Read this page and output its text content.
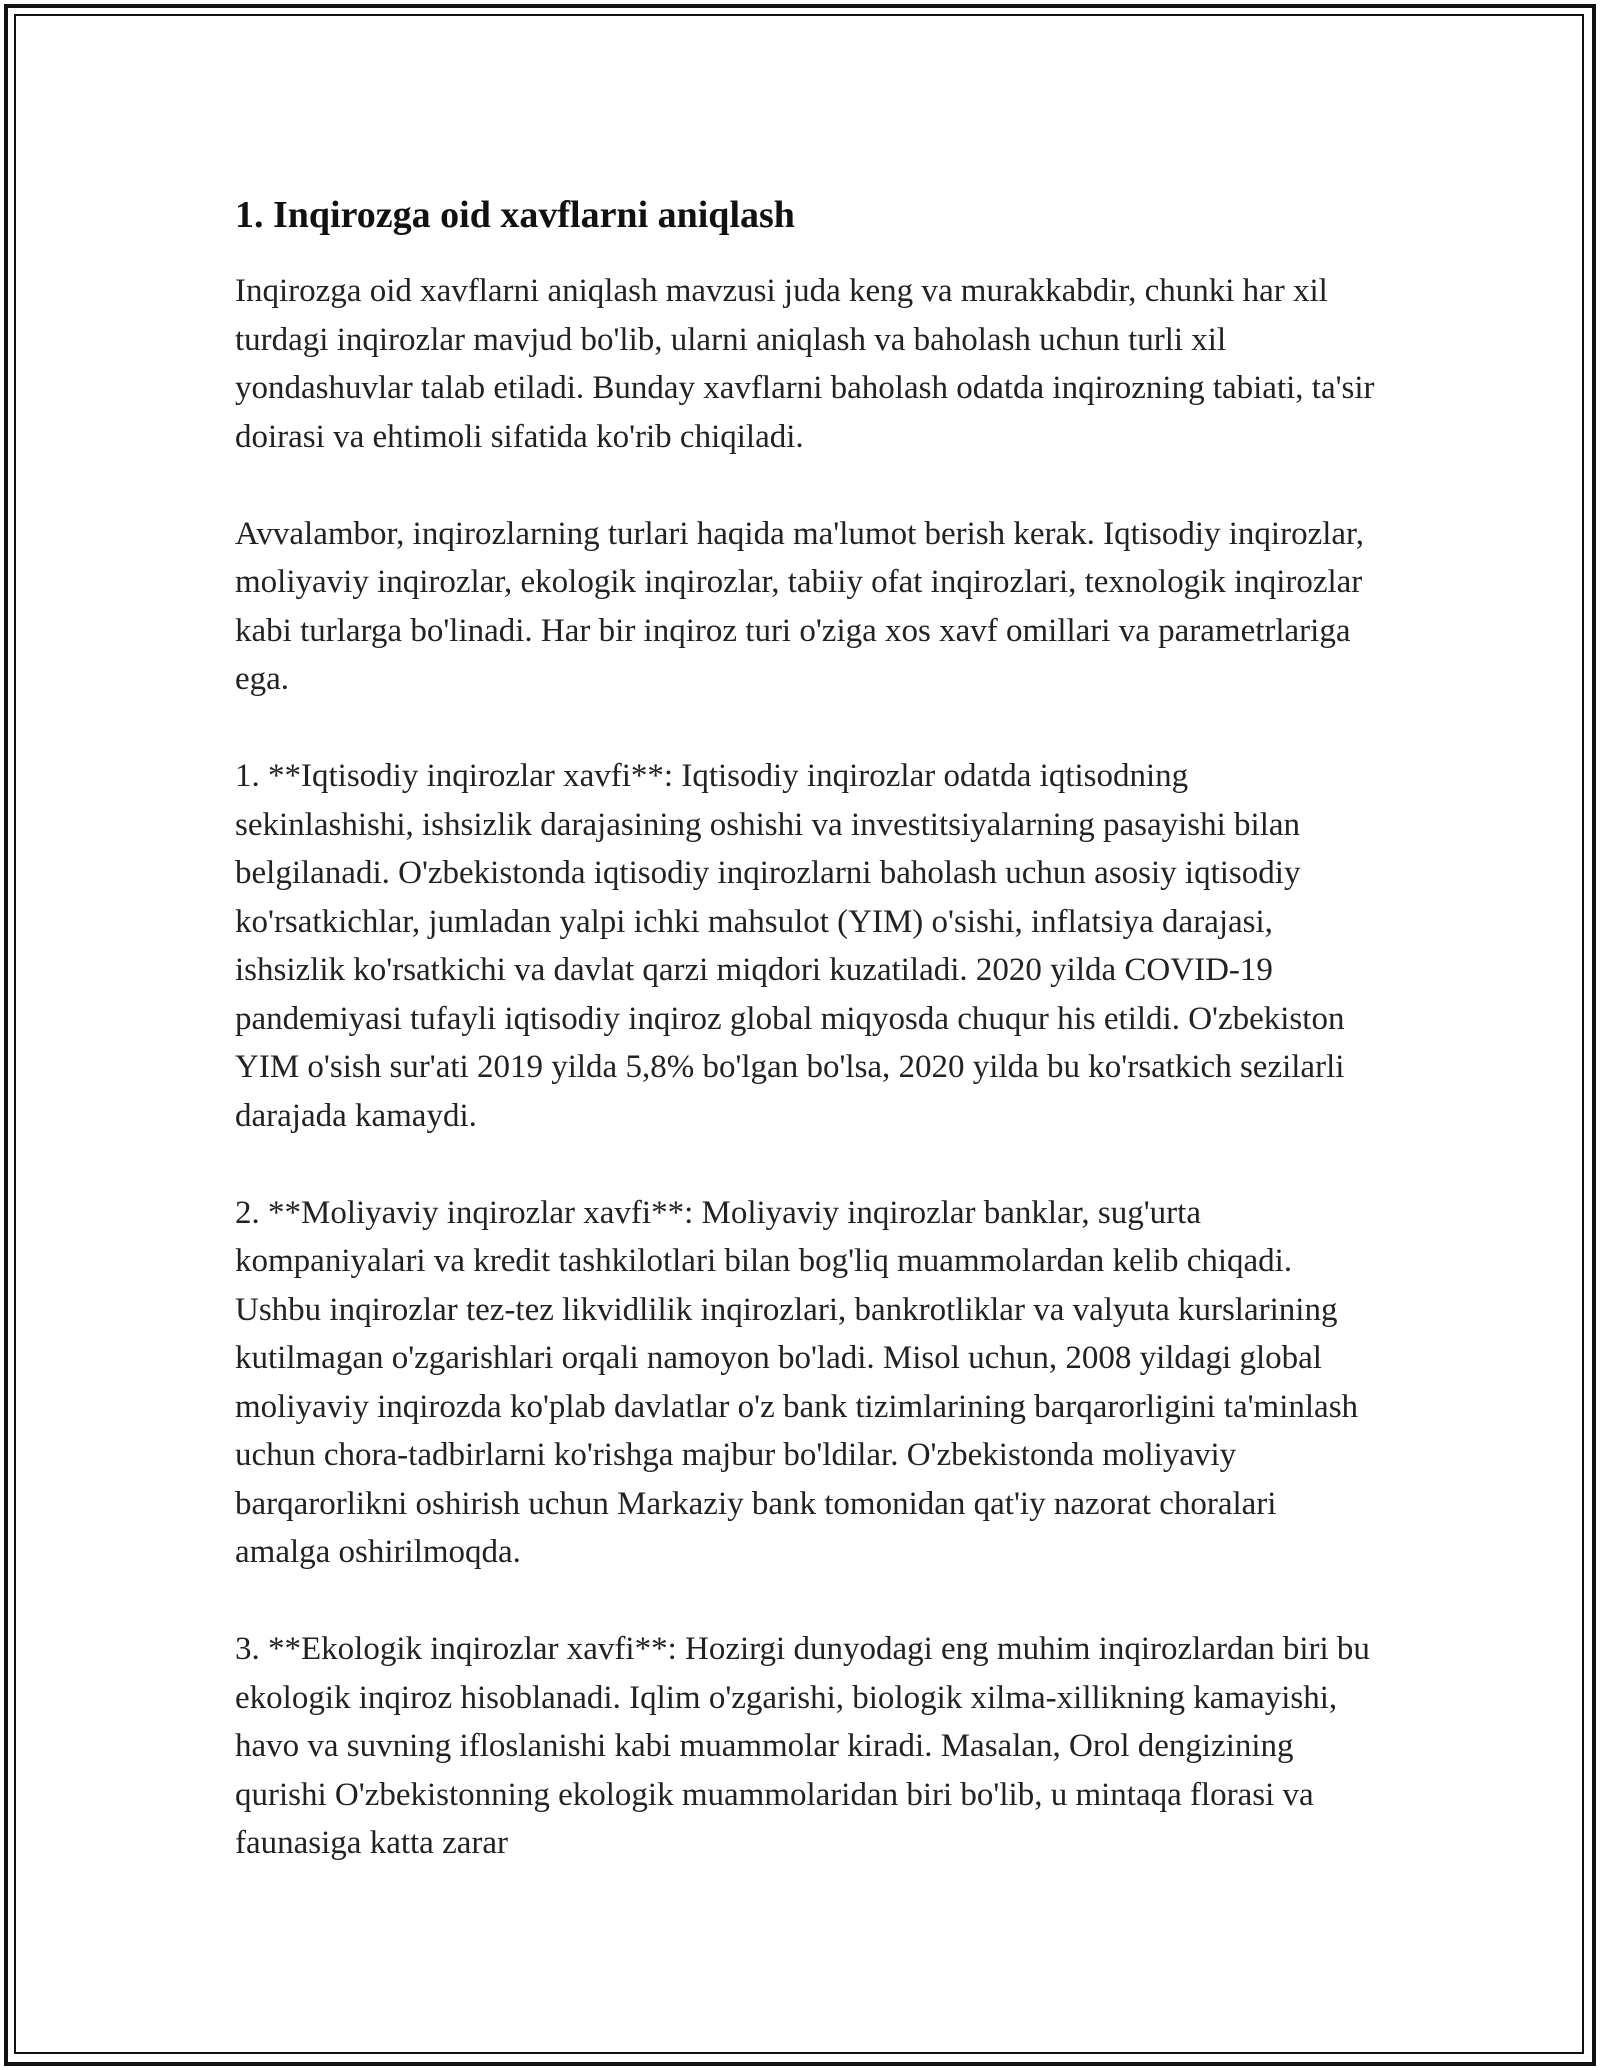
1. Inqirozga oid xavflarni aniqlash

Inqirozga oid xavflarni aniqlash mavzusi juda keng va murakkabdir, chunki har xil turdagi inqirozlar mavjud bo'lib, ularni aniqlash va baholash uchun turli xil yondashuvlar talab etiladi. Bunday xavflarni baholash odatda inqirozning tabiati, ta'sir doirasi va ehtimoli sifatida ko'rib chiqiladi.

Avvalambor, inqirozlarning turlari haqida ma'lumot berish kerak. Iqtisodiy inqirozlar, moliyaviy inqirozlar, ekologik inqirozlar, tabiiy ofat inqirozlari, texnologik inqirozlar kabi turlarga bo'linadi. Har bir inqiroz turi o'ziga xos xavf omillari va parametrlariga ega.

1. **Iqtisodiy inqirozlar xavfi**: Iqtisodiy inqirozlar odatda iqtisodning sekinlashishi, ishsizlik darajasining oshishi va investitsiyalarning pasayishi bilan belgilanadi. O'zbekistonda iqtisodiy inqirozlarni baholash uchun asosiy iqtisodiy ko'rsatkichlar, jumladan yalpi ichki mahsulot (YIM) o'sishi, inflatsiya darajasi, ishsizlik ko'rsatkichi va davlat qarzi miqdori kuzatiladi. 2020 yilda COVID-19 pandemiyasi tufayli iqtisodiy inqiroz global miqyosda chuqur his etildi. O'zbekiston YIM o'sish sur'ati 2019 yilda 5,8% bo'lgan bo'lsa, 2020 yilda bu ko'rsatkich sezilarli darajada kamaydi.

2. **Moliyaviy inqirozlar xavfi**: Moliyaviy inqirozlar banklar, sug'urta kompaniyalari va kredit tashkilotlari bilan bog'liq muammolardan kelib chiqadi. Ushbu inqirozlar tez-tez likvidlilik inqirozlari, bankrotliklar va valyuta kurslarining kutilmagan o'zgarishlari orqali namoyon bo'ladi. Misol uchun, 2008 yildagi global moliyaviy inqirozda ko'plab davlatlar o'z bank tizimlarining barqarorligini ta'minlash uchun chora-tadbirlarni ko'rishga majbur bo'ldilar. O'zbekistonda moliyaviy barqarorlikni oshirish uchun Markaziy bank tomonidan qat'iy nazorat choralari amalga oshirilmoqda.

3. **Ekologik inqirozlar xavfi**: Hozirgi dunyodagi eng muhim inqirozlardan biri bu ekologik inqiroz hisoblanadi. Iqlim o'zgarishi, biologik xilma-xillikning kamayishi, havo va suvning ifloslanishi kabi muammolar kiradi. Masalan, Orol dengizining qurishi O'zbekistonning ekologik muammolaridan biri bo'lib, u mintaqa florasi va faunasiga katta zarar
